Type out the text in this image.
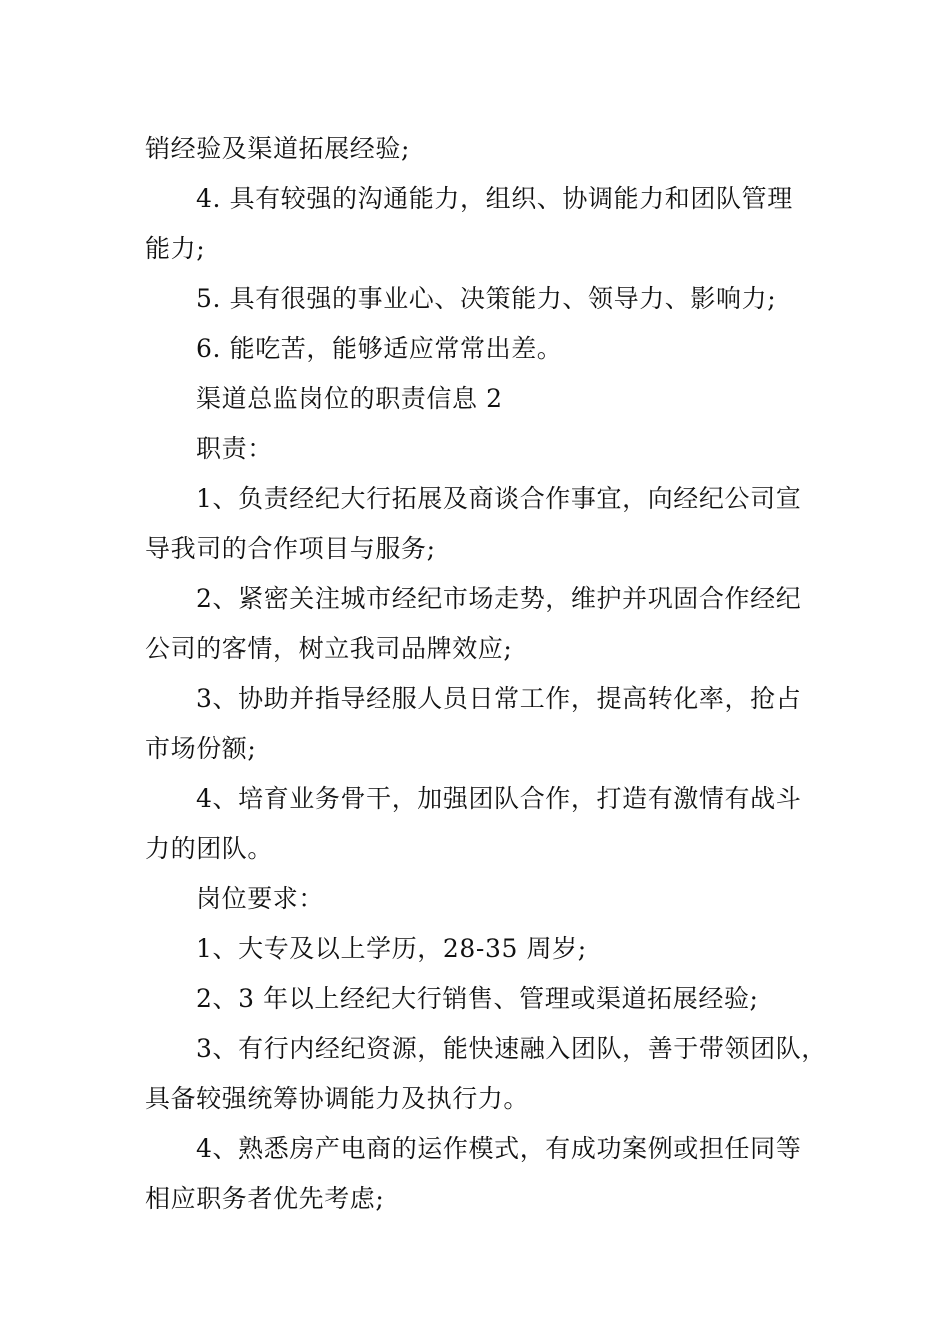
销经验及渠道拓展经验;

4. 具有较强的沟通能力，组织、协调能力和团队管理
能力;

5. 具有很强的事业心、决策能力、领导力、影响力;

6. 能吃苦，能够适应常常出差。

渠道总监岗位的职责信息 2

职责：

1、负责经纪大行拓展及商谈合作事宜，向经纪公司宣
导我司的合作项目与服务;

2、紧密关注城市经纪市场走势，维护并巩固合作经纪
公司的客情，树立我司品牌效应;

3、协助并指导经服人员日常工作，提高转化率，抢占
市场份额;

4、培育业务骨干，加强团队合作，打造有激情有战斗
力的团队。

岗位要求：

1、大专及以上学历，28-35 周岁;

2、3 年以上经纪大行销售、管理或渠道拓展经验;

3、有行内经纪资源，能快速融入团队，善于带领团队，
具备较强统筹协调能力及执行力。

4、熟悉房产电商的运作模式，有成功案例或担任同等
相应职务者优先考虑;
